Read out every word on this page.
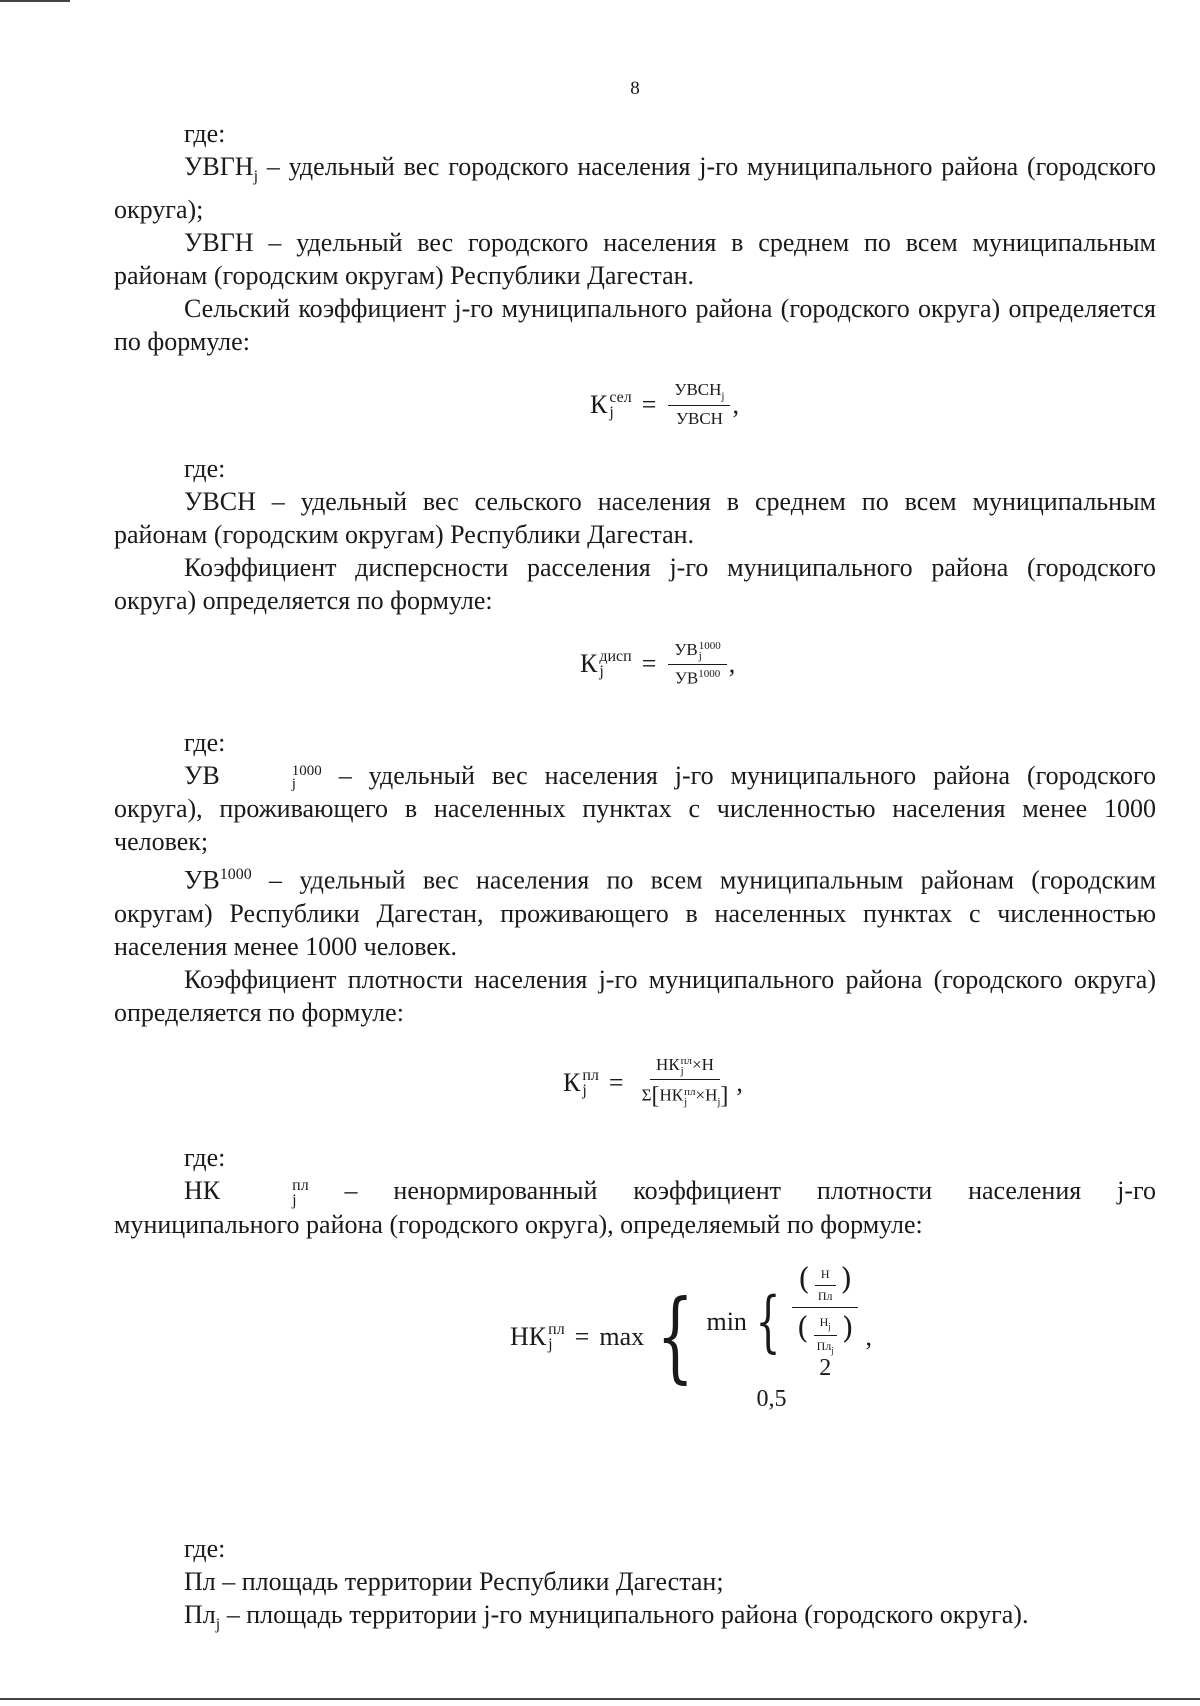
8

где:

$УВГН_j$ – удельный вес городского населения j-го муниципального района (городского округа);

УВГН – удельный вес городского населения в среднем по всем муниципальным районам (городским округам) Республики Дагестан.

Сельский коэффициент j-го муниципального района (городского округа) определяется по формуле:

К сел
j	= $\frac{УВСН_j}{\text{УВСН}}$ ,

где:

УВСН – удельный вес сельского населения в среднем по всем муниципальным районам (городским округам) Республики Дагестан.

Коэффициент дисперсности расселения j-го муниципального района (городского округа) определяется по формуле:

К дисп
j	= УВ 1000
j
$УВ^{1000}$ ,

где:

УВ	1000
j – удельный вес населения j-го муниципального района (городского округа), проживающего в населенных пунктах с численностью населения менее 1000 человек;

$УВ^{1000}$ – удельный вес населения по всем муниципальным районам (городским округам) Республики Дагестан, проживающего в населенных пунктах с численностью населения менее 1000 человек.

Коэффициент плотности населения j-го муниципального района (городского округа) определяется по формуле:

К пл
j = НК пл
j ×Н
Σ[НК пл
$j \times Н_j$] ,

где:

НК	пл
j – ненормированный коэффициент плотности населения j-го муниципального района (городского округа), определяемый по формуле:

НК пл
j = max { min { $\frac{( \frac{Н}{Пл} )}{( \frac{Н_j}{Пл_j} )}$
2
0,5
,

где:

Пл – площадь территории Республики Дагестан;

$Пл_j$ – площадь территории j-го муниципального района (городского округа).
